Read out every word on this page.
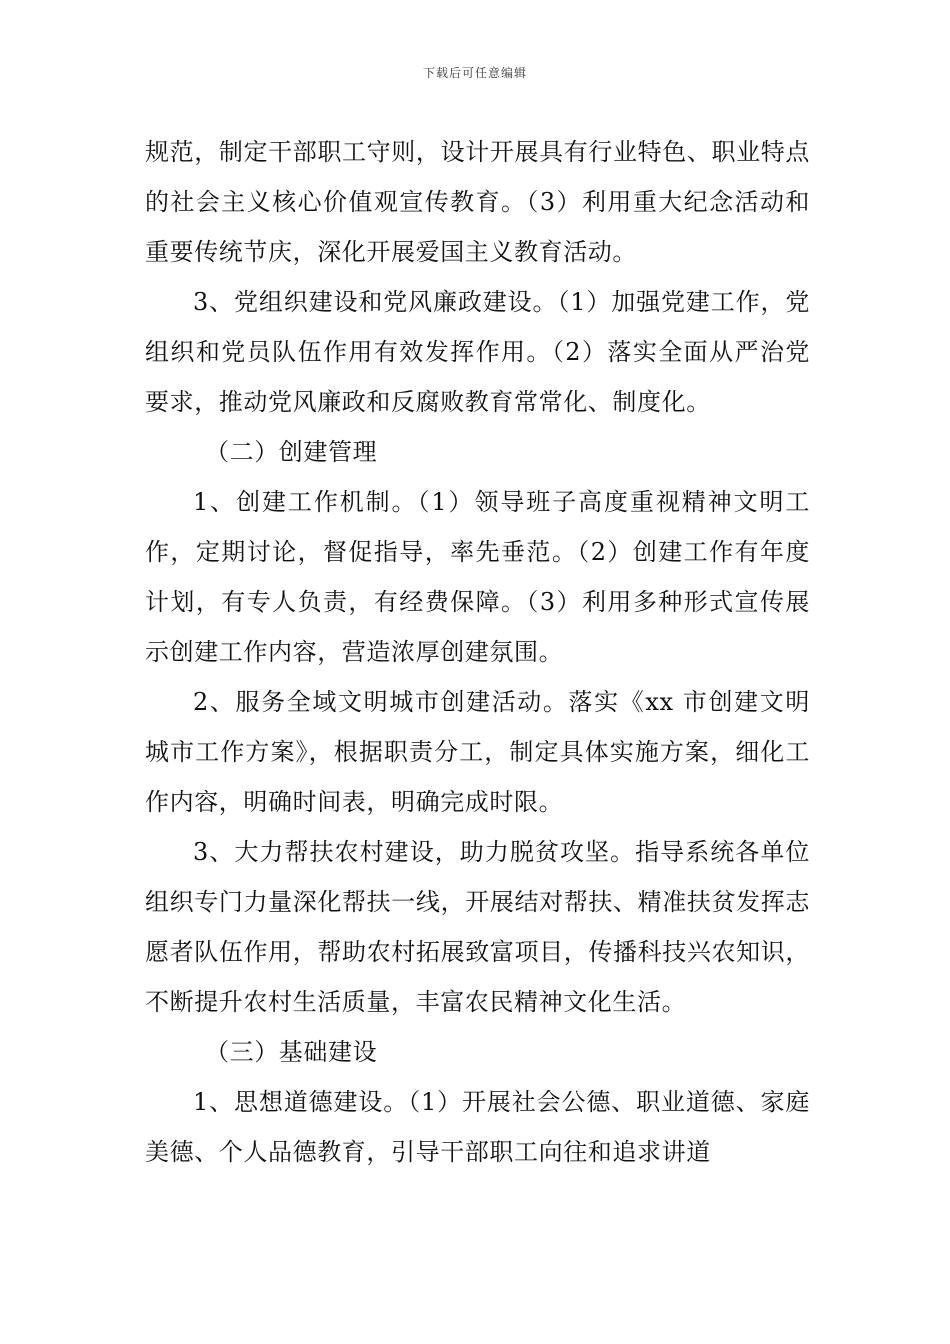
下载后可任意编辑

规范，制定干部职工守则，设计开展具有行业特色、职业特点的社会主义核心价值观宣传教育。（3）利用重大纪念活动和重要传统节庆，深化开展爱国主义教育活动。

3、党组织建设和党风廉政建设。（1）加强党建工作，党组织和党员队伍作用有效发挥作用。（2）落实全面从严治党要求，推动党风廉政和反腐败教育常常化、制度化。

（二）创建管理

1、创建工作机制。（1）领导班子高度重视精神文明工作，定期讨论，督促指导，率先垂范。（2）创建工作有年度计划，有专人负责，有经费保障。（3）利用多种形式宣传展示创建工作内容，营造浓厚创建氛围。

2、服务全域文明城市创建活动。落实《xx 市创建文明城市工作方案》，根据职责分工，制定具体实施方案，细化工作内容，明确时间表，明确完成时限。

3、大力帮扶农村建设，助力脱贫攻坚。指导系统各单位组织专门力量深化帮扶一线，开展结对帮扶、精准扶贫发挥志愿者队伍作用，帮助农村拓展致富项目，传播科技兴农知识，不断提升农村生活质量，丰富农民精神文化生活。

（三）基础建设

1、思想道德建设。（1）开展社会公德、职业道德、家庭美德、个人品德教育，引导干部职工向往和追求讲道
